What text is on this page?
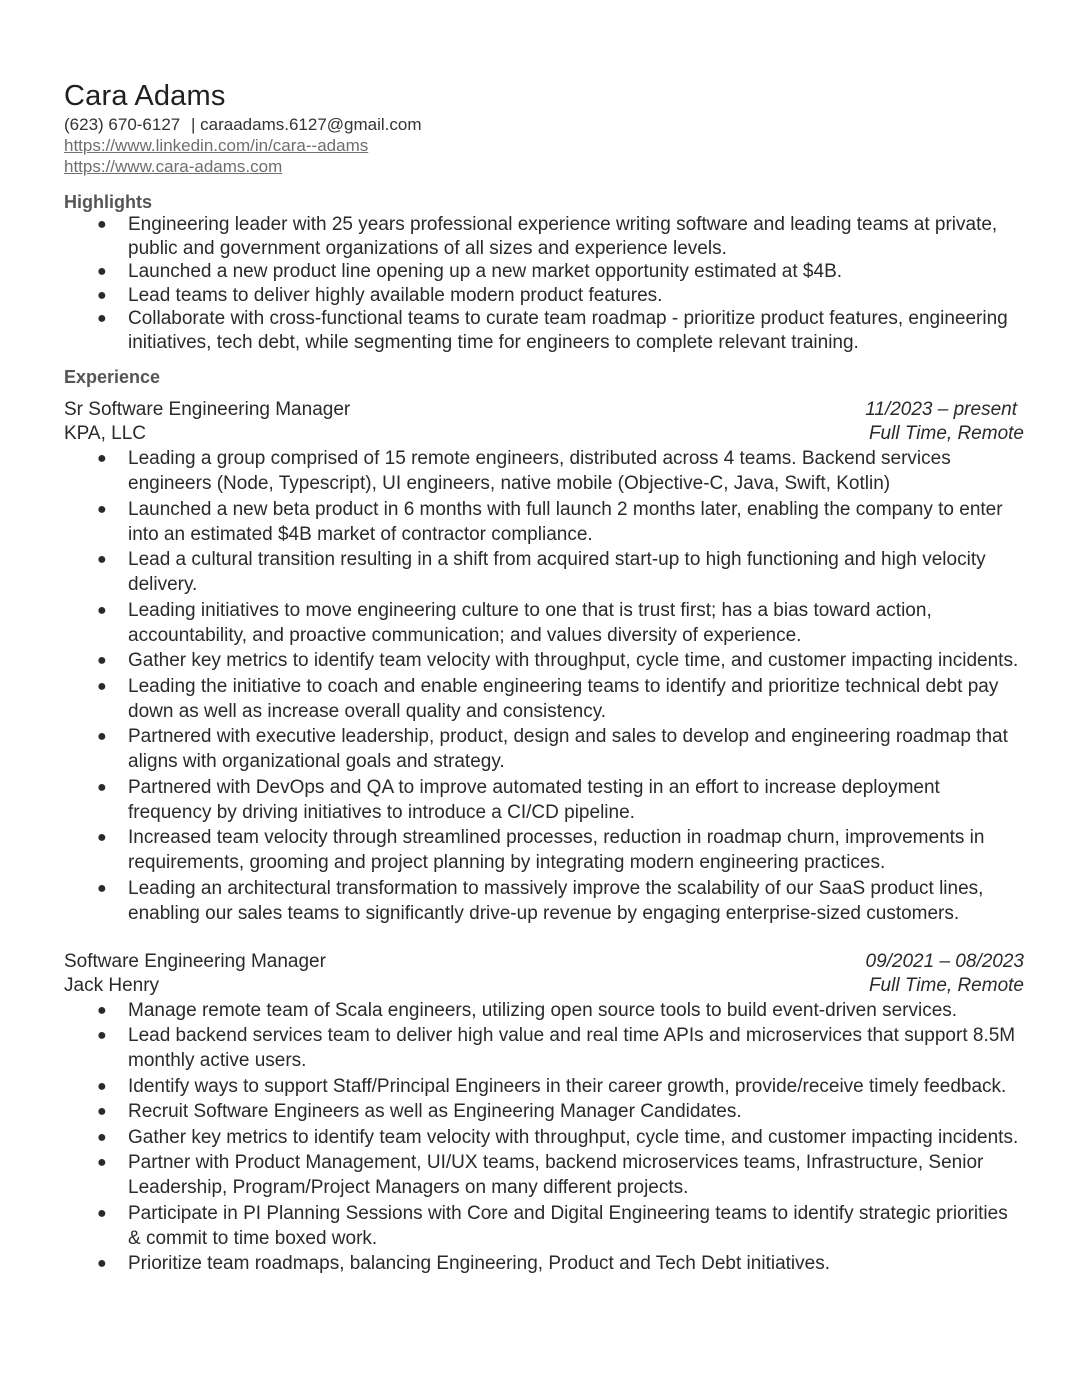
Cara Adams
(623) 670-6127 | caraadams.6127@gmail.com
https://www.linkedin.com/in/cara--adams
https://www.cara-adams.com
Highlights
● Engineering leader with 25 years professional experience writing software and leading teams at private, public and government organizations of all sizes and experience levels.
● Launched a new product line opening up a new market opportunity estimated at $4B.
● Lead teams to deliver highly available modern product features.
● Collaborate with cross-functional teams to curate team roadmap - prioritize product features, engineering initiatives, tech debt, while segmenting time for engineers to complete relevant training.
Experience
Sr Software Engineering Manager	11/2023 – present
KPA, LLC	Full Time, Remote
● Leading a group comprised of 15 remote engineers, distributed across 4 teams. Backend services engineers (Node, Typescript), UI engineers, native mobile (Objective-C, Java, Swift, Kotlin)
● Launched a new beta product in 6 months with full launch 2 months later, enabling the company to enter into an estimated $4B market of contractor compliance.
● Lead a cultural transition resulting in a shift from acquired start-up to high functioning and high velocity delivery.
● Leading initiatives to move engineering culture to one that is trust first; has a bias toward action, accountability, and proactive communication; and values diversity of experience.
● Gather key metrics to identify team velocity with throughput, cycle time, and customer impacting incidents.
● Leading the initiative to coach and enable engineering teams to identify and prioritize technical debt pay down as well as increase overall quality and consistency.
● Partnered with executive leadership, product, design and sales to develop and engineering roadmap that aligns with organizational goals and strategy.
● Partnered with DevOps and QA to improve automated testing in an effort to increase deployment frequency by driving initiatives to introduce a CI/CD pipeline.
● Increased team velocity through streamlined processes, reduction in roadmap churn, improvements in requirements, grooming and project planning by integrating modern engineering practices.
● Leading an architectural transformation to massively improve the scalability of our SaaS product lines, enabling our sales teams to significantly drive-up revenue by engaging enterprise-sized customers.
Software Engineering Manager	09/2021 – 08/2023
Jack Henry	Full Time, Remote
● Manage remote team of Scala engineers, utilizing open source tools to build event-driven services.
● Lead backend services team to deliver high value and real time APIs and microservices that support 8.5M monthly active users.
● Identify ways to support Staff/Principal Engineers in their career growth, provide/receive timely feedback.
● Recruit Software Engineers as well as Engineering Manager Candidates.
● Gather key metrics to identify team velocity with throughput, cycle time, and customer impacting incidents.
● Partner with Product Management, UI/UX teams, backend microservices teams, Infrastructure, Senior Leadership, Program/Project Managers on many different projects.
● Participate in PI Planning Sessions with Core and Digital Engineering teams to identify strategic priorities & commit to time boxed work.
● Prioritize team roadmaps, balancing Engineering, Product and Tech Debt initiatives.
